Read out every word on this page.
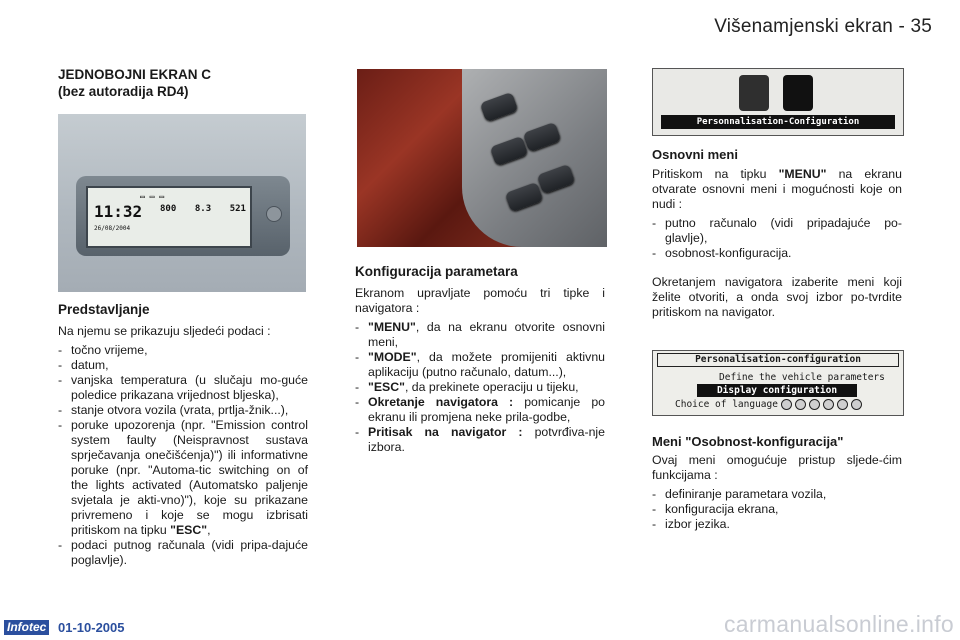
Višenamjenski ekran - 35
JEDNOBOJNI EKRAN C
(bez autoradija RD4)
▭ ▭ ▭
11:32
26/08/2004
800 8.3 521
Predstavljanje
Na njemu se prikazuju sljedeći podaci :
- točno vrijeme,
- datum,
- vanjska temperatura (u slučaju mo-guće poledice prikazana vrijednost bljeska),
- stanje otvora vozila (vrata, prtlja-žnik...),
- poruke upozorenja (npr. "Emission control system faulty (Neispravnost sustava sprječavanja onečišćenja)") ili informativne poruke (npr. "Automa-tic switching on of the lights activated (Automatsko paljenje svjetala je akti-vno)"), koje su prikazane privremeno i koje se mogu izbrisati pritiskom na tipku "ESC",
- podaci putnog računala (vidi pripa-dajuće poglavlje).
Konfiguracija parametara
Ekranom upravljate pomoću tri tipke i navigatora :
- "MENU", da na ekranu otvorite osnovni meni,
- "MODE", da možete promijeniti aktivnu aplikaciju (putno računalo, datum...),
- "ESC", da prekinete operaciju u tijeku,
- Okretanje navigatora : pomicanje po ekranu ili promjena neke prila-godbe,
- Pritisak na navigator : potvrđiva-nje izbora.
Personnalisation-Configuration
Osnovni meni
Pritiskom na tipku "MENU" na ekranu otvarate osnovni meni i mogućnosti koje on nudi :
- putno računalo (vidi pripadajuće po-glavlje),
- osobnost-konfiguracija.
Okretanjem navigatora izaberite meni koji želite otvoriti, a onda svoj izbor po-tvrdite pritiskom na navigator.
Personalisation-configuration
Define the vehicle parameters
Display configuration
Choice of language
Meni "Osobnost-konfiguracija"
Ovaj meni omogućuje pristup sljede-ćim funkcijama :
- definiranje parametara vozila,
- konfiguracija ekrana,
- izbor jezika.
Infotec 01-10-2005	carmanualsonline.info
